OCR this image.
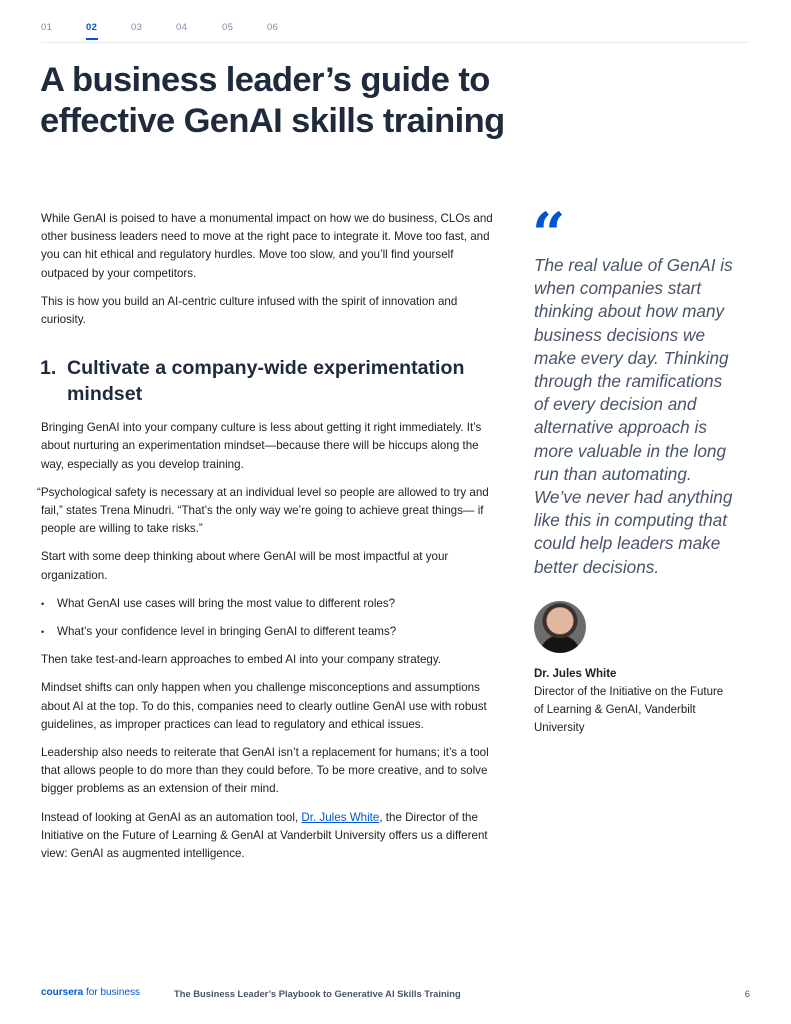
01	02	03	04	05	06
A business leader’s guide to effective GenAI skills training

While GenAI is poised to have a monumental impact on how we do business, CLOs and other business leaders need to move at the right pace to integrate it. Move too fast, and you can hit ethical and regulatory hurdles. Move too slow, and you’ll find yourself outpaced by your competitors.

This is how you build an AI-centric culture infused with the spirit of innovation and curiosity.

1. Cultivate a company-wide experimentation mindset

Bringing GenAI into your company culture is less about getting it right immediately. It’s about nurturing an experimentation mindset—because there will be hiccups along the way, especially as you develop training.

“Psychological safety is necessary at an individual level so people are allowed to try and fail,” states Trena Minudri. “That’s the only way we’re going to achieve great things— if people are willing to take risks.”

Start with some deep thinking about where GenAI will be most impactful at your organization.

• What GenAI use cases will bring the most value to different roles?
• What’s your confidence level in bringing GenAI to different teams?

Then take test-and-learn approaches to embed AI into your company strategy.

Mindset shifts can only happen when you challenge misconceptions and assumptions about AI at the top. To do this, companies need to clearly outline GenAI use with robust guidelines, as improper practices can lead to regulatory and ethical issues.

Leadership also needs to reiterate that GenAI isn’t a replacement for humans; it’s a tool that allows people to do more than they could before. To be more creative, and to solve bigger problems as an extension of their mind.

Instead of looking at GenAI as an automation tool, Dr. Jules White, the Director of the Initiative on the Future of Learning & GenAI at Vanderbilt University offers us a different view: GenAI as augmented intelligence.

“

The real value of GenAI is when companies start thinking about how many business decisions we make every day. Thinking through the ramifications of every decision and alternative approach is more valuable in the long run than automating. We’ve never had anything like this in computing that could help leaders make better decisions.

Dr. Jules White
Director of the Initiative on the Future of Learning & GenAI, Vanderbilt University
coursera for business	The Business Leader’s Playbook to Generative AI Skills Training	6
